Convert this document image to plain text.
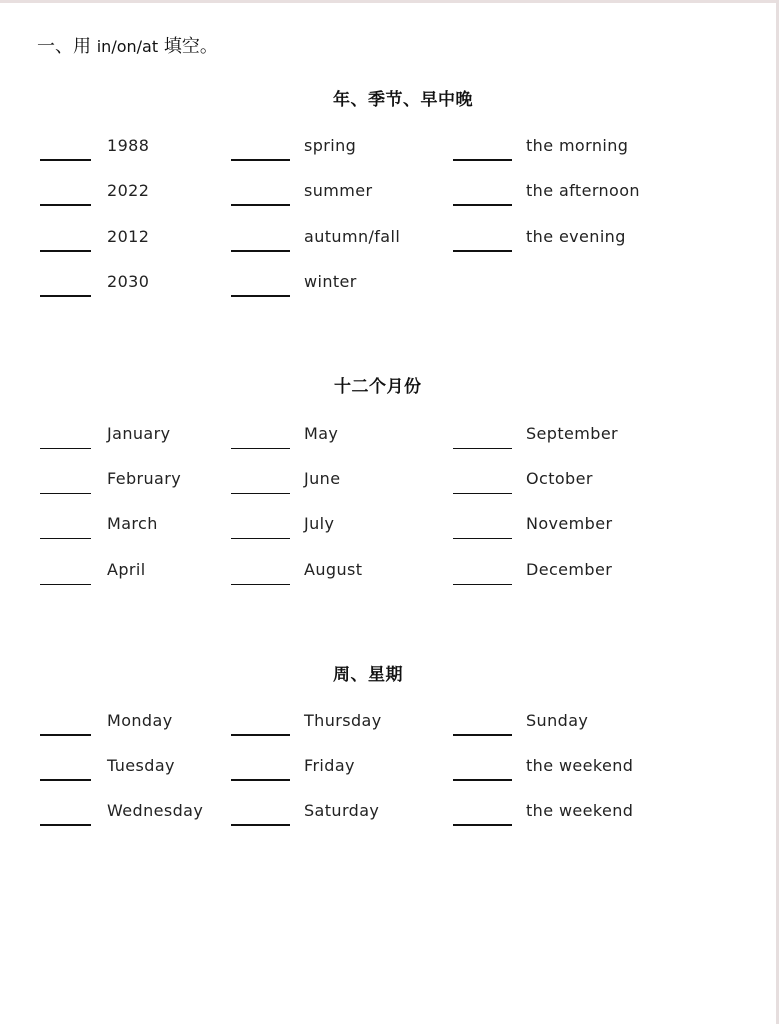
一、用 in/on/at 填空。
年、季节、早中晚
1988
2022
2012
2030
spring
summer
autumn/fall
winter
the morning
the afternoon
the evening
十二个月份
January
February
March
April
May
June
July
August
September
October
November
December
周、星期
Monday
Tuesday
Wednesday
Thursday
Friday
Saturday
Sunday
the weekend
the weekend
